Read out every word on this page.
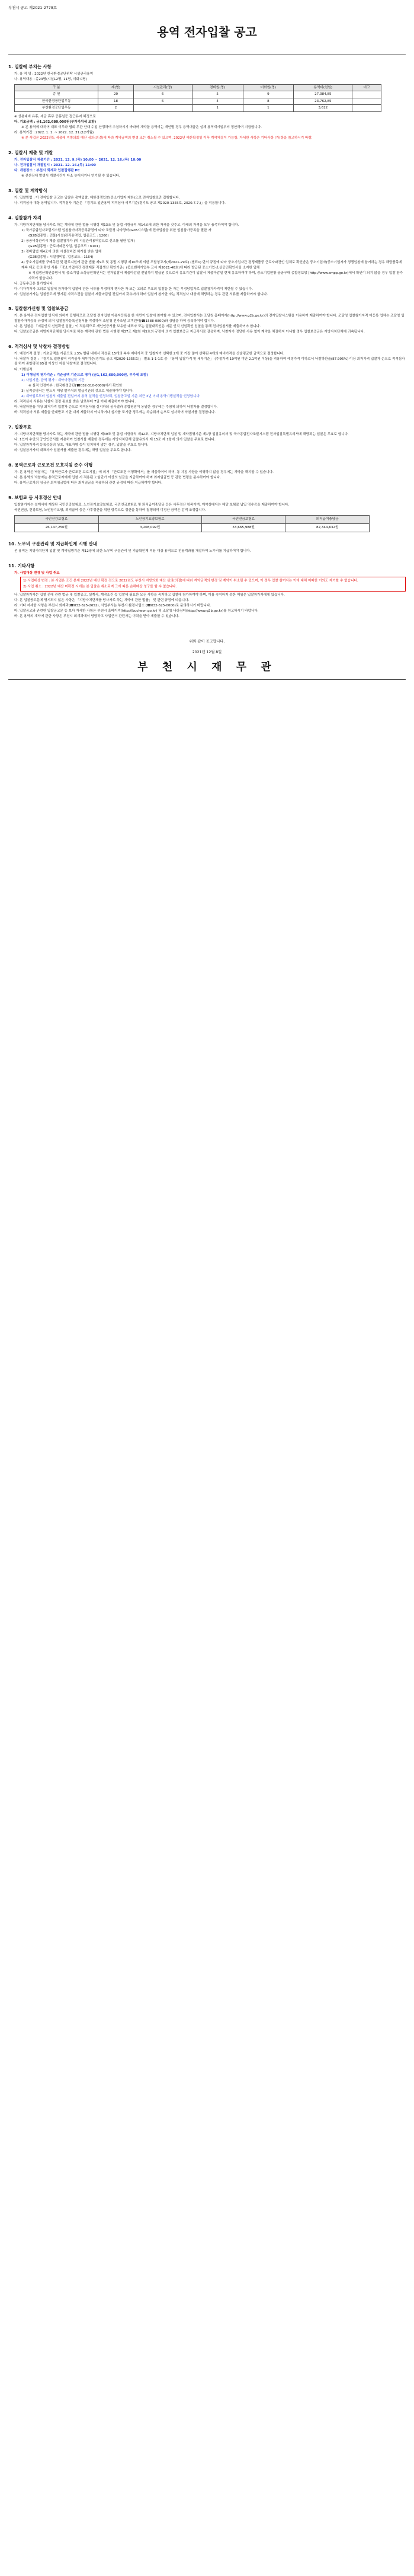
부천시 공고 제2021-2778호
용역 전자입찰 공고
1. 입찰에 부치는 사항
가. 용 역 명 : 2022년 한국환경공단위탁 시설관리용역
나. 용역내용 : 총23명(시설12명, 11명, 미화 0명)
구 분	계(명)	시설관리(명)	경비원(명)	미화원(명)	용역비(천원)	비고
총 원	20	6	5	9	27,384,85	
한국환경공단업무동	18	6	4	8	23,762,85	
부천환경공단업무동	2		1	1	3,622	
※ 상용대비 유휴, 세금 휴무 공휴일등 접근유지 혜정으로
다. 기초금액 : 금1,162,680,000원(부가가치세 포함)
※ 본 용역에 대하여 대표 이무와 협회 무관 안내 수입 산정하여 추첨하시기 바라며 계약할 용역비는 개인별 경우 용역대금은 실제 용역계시일부터 정산하여 지급합니다.
라. 용역기간 : 2022. 1. 1. ~ 2022. 12. 31.(12개월)
※ 본 사업은 2022년도 세출에 지방의회 예산 심의(의결)에 따라 계약금액의 변경 또는 취소될 수 있으며, 2022년 예산확정일 이후 계약체결이 가능함. 자세한 사항은 기타사항 (가)항을 참고하시기 바람.
2. 입찰서 제출 및 개찰
가. 전자입찰서 제출기간 : 2021. 12. 9.(목) 10:00 ~ 2021. 12. 16.(목) 10:00
나. 전자입찰서 개찰일시 : 2021. 12. 16.(목) 11:00
다. 개찰장소 : 부천시 회계과 입찰집행관 PC
※ 전산장애 발생시 개찰시간이 다소 늦어지거나 연기될 수 있습니다.
3. 입찰 및 계약방식
가. 입찰방법 : 이 전자입찰 공고는 입찰은 총액입찰, 제한경쟁입찰(중소기업자 제한)으로 전자입찰로만 집행합니다.
나. 적격심사 대상 용역입니다. 적격심사 기준은 「경기도 일반용역 적격심사 세부기준(경기도 공고 제2020-1355호, 2020.7.7.)」을 적용합니다.
4. 입찰참가 자격
가. 지방자치단체를 당사자로 하는 계약에 관한 법률 시행령 제13조 및 동법 시행규칙 제14조에 의한 자격을 갖추고, 아래의 자격을 모두 충족하여야 합니다.
1) 국가종합전자조달시스템 입찰참가자격등록규정에 따라 조달청 나라장터(G2B시스템)에 전자입찰을 위한 입찰참가등록을 필한 자
(G2B업종명 : 건물(시설)관리용역업, 업종코드 : 1260)
2) 공공비상관리시 제출 입찰참가자 (위 시설관리용역업으로 신고를 필한 업체)
(G2B업종명 : 근로자파견사업, 업종코드 : 6101)
3) 경비업법 제4조에 의한 시설경비업 허가를 받은 업체
(G2B업종명 : 시설경비업, 업종코드 : 1164)
4) 중소기업제품 구매촉진 및 판로지원에 관한 법률 제9조 및 동법 시행령 제10조에 의한 조달청고시(제2021-29호) (별표1) 단서 규정에 따라 중소기업자간 경쟁제품중 근로자파견인 업체로 확인받은 중소기업자(중소기업자가 경쟁입찰에 참여하는 경우 해당품목에 계속 제조 등의 확인 서류 「중소기업자간 경쟁제품 직접생산 확인기준」(중소벤처기업부 고시 제2021-46호)에 따라 발급된 중소기업·소상공인확인서를 소지한 업체
※ 직접생산확인증명서 및 중소기업·소상공인확인서는 전자입찰서 제출마감일 전일까지 발급된 것으로서 유효기간이 입찰서 제출마감일 현재 유효하여야 하며, 중소기업현황 공공구매 종합정보망 [http://www.smpp.go.kr]에서 확인이 되지 않을 경우 입찰 참가자격이 없습니다.
나. 공동수급은 불가합니다.
다. 이자격자가 고의로 입찰에 참가하여 입찰에 관한 서류를 부정하게 행사한 자 또는 고의로 무효의 입찰을 한 자는 부정당업자로 입찰참가자격이 제한될 수 있습니다.
라. 입찰참가자는 입찰공고에 명시된 자격요건을 입찰서 제출마감일 전일까지 갖추어야 하며 입찰에 참가한 자는 적격심사 대상에 해당하는 경우 관련 서류를 제출하여야 합니다.
5. 입찰참가신청 및 입찰보증금
가. 본 용역은 전자입찰 방식에 의하여 집행하므로 조달청 전자입찰 이용자등록을 한 자만이 입찰에 참여할 수 있으며, 전자입찰서는 조달청 홈페이지(http://www.g2b.go.kr)의 전자입찰시스템을 이용하여 제출하여야 합니다. 조달청 입찰참가자격 미등록 업체는 조달청 입찰참가자격등록 규정에 의거 입찰참가등록신청서를 작성하여 조달청 전자조달 고객센터(☎1588-0800)와 상담을 하여 등록하여야 합니다.
나. 본 입찰은 「지문인식 신원확인 입찰」이 적용되므로 개인인증서를 보유한 대표자 또는 입찰대리인은 지문 인식 신원확인 입찰을 통해 전자입찰서를 제출하여야 합니다.
다. 입찰보증금은 지방자치단체를 당사자로 하는 계약에 관한 법률 시행령 제37조 제2항 제5호의 규정에 의거 입찰보증금 지급각서로 갈음하며, 낙찰자가 정당한 사유 없이 계약을 체결하지 아니할 경우 입찰보증금은 지방자치단체에 귀속됩니다.
6. 적격심사 및 낙찰자 결정방법
가. 예정가격 결정 : 기초금액을 기준으로 ±3% 범위 내에서 작성된 15개의 복수 예비가격 중 입찰자가 선택한 2개 중 가장 많이 선택된 4개의 예비가격을 산술평균한 금액으로 결정합니다.
나. 낙찰자 결정 : 「경기도 일반용역 적격심사 세부기준(경기도 공고 제2020-1355호)」 별표 1-1-1호 중 「용역 입찰가격 및 세부기준」 (추정가격 10억원 미만 2.1억원 이상)을 적용하여 예정가격 이하로서 낙찰하한율(87.995%) 이상 최저가격 입찰자 순으로 적격심사를 하여 종합평점 95점 이상인 자를 낙찰자로 결정합니다.
다. 이행실적
1) 이행실적 평가기준 : 기준금액 기준으로 평가 (금1,162,680,000원, 부가세 포함)
2) 사업기간, 금액 평가 : 계약이행실적 기간
※ 실적 인정여부 : 한국환경공단(☎032-310-0000)에서 확인함
3) 실적증명서는 반드시 해당 발주처의 발급기관의 것으로 제출하여야 합니다.
4) 계약일로부터 입찰서 제출일 전일까지 용역 실적을 인정하되, 입찰공고일 기준 최근 3년 이내 용역이행실적을 인정합니다.
라. 적격심사 서류는 낙찰자 결정 통보를 받은 날로부터 7일 이내 제출하여야 합니다.
마. 낙찰하한율 이상 최저가격 입찰자 순으로 적격심사를 실시하되 심사결과 종합평점이 동일한 경우에는 추첨에 의하여 낙찰자를 결정합니다.
바. 적격심사 서류 제출을 안내받고 기한 내에 제출하지 아니하거나 심사를 포기한 경우에는 차순위자 순으로 심사하여 낙찰자를 결정합니다.
7. 입찰무효
가. 지방자치단체를 당사자로 하는 계약에 관한 법률 시행령 제39조 및 동법 시행규칙 제42조, 지방자치단체 입찰 및 계약집행기준 제1장 입찰유의서 및 국가종합전자조달시스템 전자입찰특별유의서에 해당되는 입찰은 무효로 합니다.
나. 1인이 수인의 공인인증서를 저용하여 입찰서를 제출한 경우에는 지방자치단체 입찰유의서 제 15조 제 1항에 의거 입찰을 무효로 합니다.
다. 입찰참가자격 등록증상의 상호, 대표자명 등이 일치하지 않는 경우, 입찰을 무효로 합니다.
라. 입찰참가자의 대표자가 입찰서를 제출한 경우에는 해당 입찰을 무효로 합니다.
8. 용역근로자 근로조건 보호지침 준수 이행
가. 본 용역은 낙찰자는 「용역근로자 근로조건 보호지침」에 의거 「근로조건 이행확약서」를 제출하여야 하며, 동 지침 사항을 이행하지 않을 경우에는 계약을 해지할 수 있습니다.
나. 본 용역의 낙찰자는 용역근로자에게 입찰 시 적용된 노임단가 이상의 임금을 지급하여야 하며 최저임금법 등 관련 법령을 준수하여야 합니다.
다. 용역근로자의 임금은 최저임금법에 따른 최저임금을 적용하되 관련 규정에 따라 지급하여야 합니다.
9. 보험료 등 사후정산 안내
입찰참가자는 설계서에 계상된 국민건강보험료, 노인장기요양보험료, 국민연금보험료 및 퇴직급여충당금 등은 사후정산 항목이며, 계약상대자는 해당 보험료 납입 영수증을 제출하여야 합니다.
국민연금, 건강보험, 노인장기요양, 퇴직급여 등은 사후정산을 위한 항목으로 정산을 통하여 집행되며 미정산 금액은 감액 조정합니다.
국민건강보험료	노인장기요양보험료	국민연금보험료	퇴직급여충당금
26,147,256원	3,208,092원	33,665,988원	82,344,632원
10. 노무비 구분관리 및 지급확인제 시행 안내
본 용역은 지방자치단체 입찰 및 계약집행기준 제12장에 의한 노무비 구분관리 및 지급확인제 적용 대상 용역으로 전용계좌를 개설하여 노무비를 지급하여야 합니다.
11. 기타사항
가. 사업대상 변경 및 사업 취소
1) 사업대상 변경 : 본 사업은 조건 본계 2022년 예산 확정 전으로 2022년도 부천시 지방의회 예산 심의(의결)에 따라 계약금액의 변경 및 계약이 취소될 수 있으며, 이 경우 입찰 참여자는 이에 대해 어떠한 이의도 제기할 수 없습니다.
2) 사업 취소 : 2022년 예산 미확정 시에는 본 입찰은 취소되며 그에 따른 손해배상 청구를 할 수 없습니다.
나. 입찰참가자는 입찰 전에 관련 법규 및 입찰공고, 설계서, 계약조건 등 입찰에 필요한 모든 사항을 숙지하고 입찰에 참가하여야 하며, 이를 숙지하지 못한 책임은 입찰참가자에게 있습니다.
다. 본 입찰공고문에 명시되지 않은 사항은 「지방자치단체를 당사자로 하는 계약에 관한 법률」 및 관련 규정에 따릅니다.
라. 기타 자세한 사항은 부천시 회계과(☎032-625-2652), 사업부서는 부천시 환경사업소 (☎032-625-0000)로 문의하시기 바랍니다.
마. 입찰공고와 관련한 입찰공고문 등 보다 자세한 사항은 부천시 홈페이지(http://bucheon.go.kr) 및 조달청 나라장터(http://www.g2b.go.kr)를 참고하시기 바랍니다.
바. 본 용역의 계약에 관한 사항은 부천시 회계과에서 담당하고 사업근거 관련자는 이력을 받아 제출할 수 있습니다.
위와 같이 공고합니다.
2021년 12월 8일
부 천 시 재 무 관
